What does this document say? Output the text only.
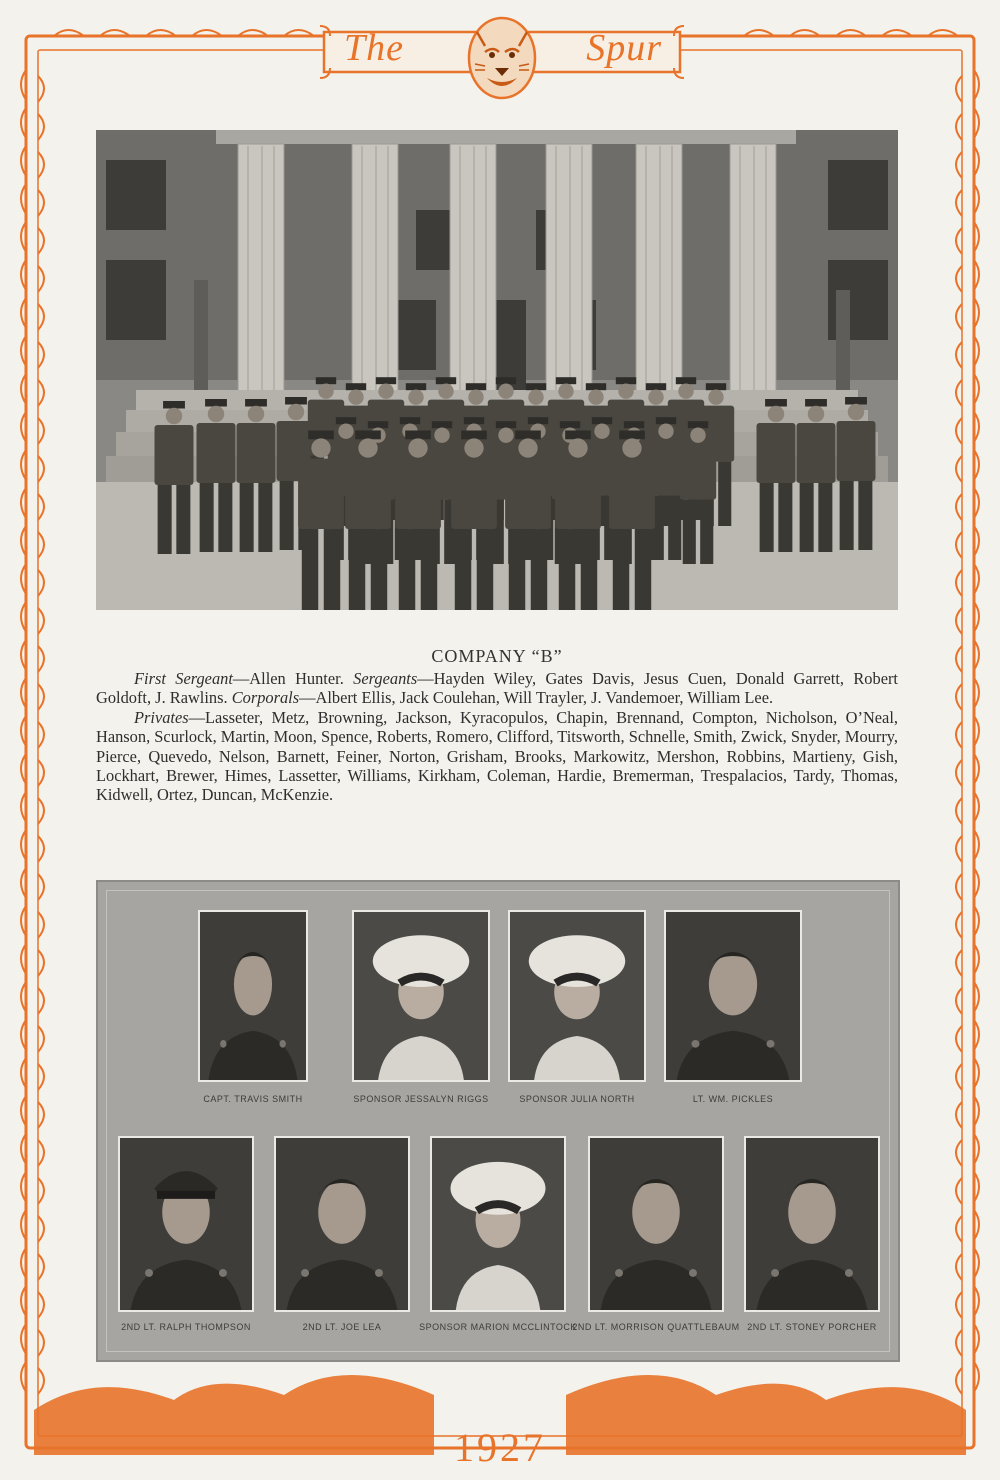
The	Spur
COMPANY “B”

First Sergeant—Allen Hunter. Sergeants—Hayden Wiley, Gates Davis, Jesus Cuen, Donald Garrett, Robert Goldoft, J. Rawlins. Corporals—Albert Ellis, Jack Coulehan, Will Trayler, J. Vandemoer, William Lee.

Privates—Lasseter, Metz, Browning, Jackson, Kyracopulos, Chapin, Brennand, Compton, Nicholson, O’Neal, Hanson, Scurlock, Martin, Moon, Spence, Roberts, Romero, Clifford, Titsworth, Schnelle, Smith, Zwick, Snyder, Mourry, Pierce, Quevedo, Nelson, Barnett, Feiner, Norton, Grisham, Brooks, Markowitz, Mershon, Robbins, Martieny, Gish, Lockhart, Brewer, Himes, Lassetter, Williams, Kirkham, Coleman, Hardie, Bremerman, Trespalacios, Tardy, Thomas, Kidwell, Ortez, Duncan, McKenzie.

CAPT. TRAVIS SMITH	SPONSOR JESSALYN RIGGS	SPONSOR JULIA NORTH	LT. WM. PICKLES
2ND LT. RALPH THOMPSON	2ND LT. JOE LEA	SPONSOR MARION MCCLINTOCK
2ND LT. MORRISON QUATTLEBAUM 2ND LT. STONEY PORCHER
1927
